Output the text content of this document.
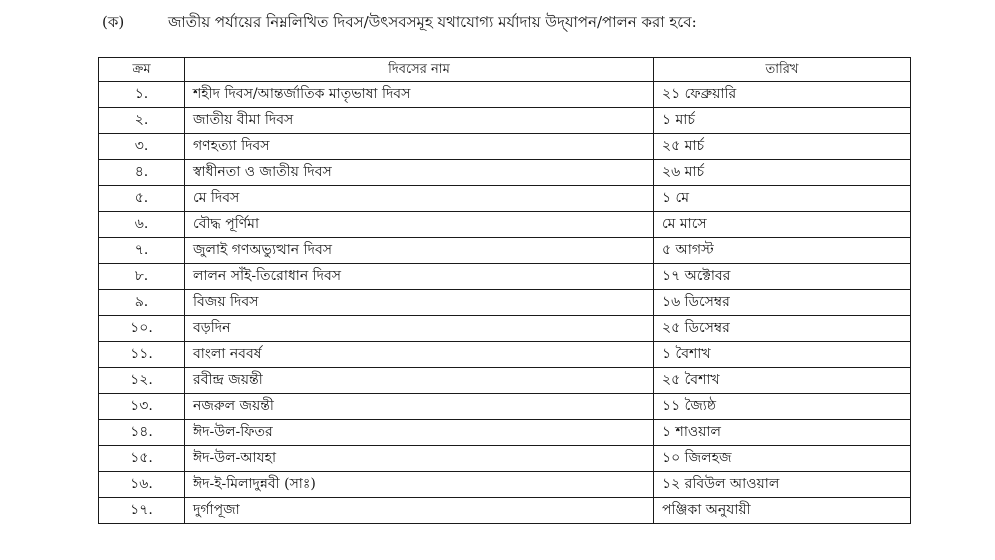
(ক)	জাতীয় পর্যায়ের নিম্নলিখিত দিবস/উৎসবসমূহ যথাযোগ্য মর্যাদায় উদ্‌যাপন/পালন করা হবে:
ক্রম	দিবসের নাম	তারিখ
১.	শহীদ দিবস/আন্তর্জাতিক মাতৃভাষা দিবস	২১ ফেব্রুয়ারি
২.	জাতীয় বীমা দিবস	১ মার্চ
৩.	গণহত্যা দিবস	২৫ মার্চ
৪.	স্বাধীনতা ও জাতীয় দিবস	২৬ মার্চ
৫.	মে দিবস	১ মে
৬.	বৌদ্ধ পূর্ণিমা	মে মাসে
৭.	জুলাই গণঅভ্যুত্থান দিবস	৫ আগস্ট
৮.	লালন সাঁই-তিরোধান দিবস	১৭ অক্টোবর
৯.	বিজয় দিবস	১৬ ডিসেম্বর
১০.	বড়দিন	২৫ ডিসেম্বর
১১.	বাংলা নববর্ষ	১ বৈশাখ
১২.	রবীন্দ্র জয়ন্তী	২৫ বৈশাখ
১৩.	নজরুল জয়ন্তী	১১ জ্যৈষ্ঠ
১৪.	ঈদ-উল-ফিতর	১ শাওয়াল
১৫.	ঈদ-উল-আযহা	১০ জিলহজ
১৬.	ঈদ-ই-মিলাদুন্নবী (সাঃ)	১২ রবিউল আওয়াল
১৭.	দুর্গাপূজা	পঞ্জিকা অনুযায়ী
